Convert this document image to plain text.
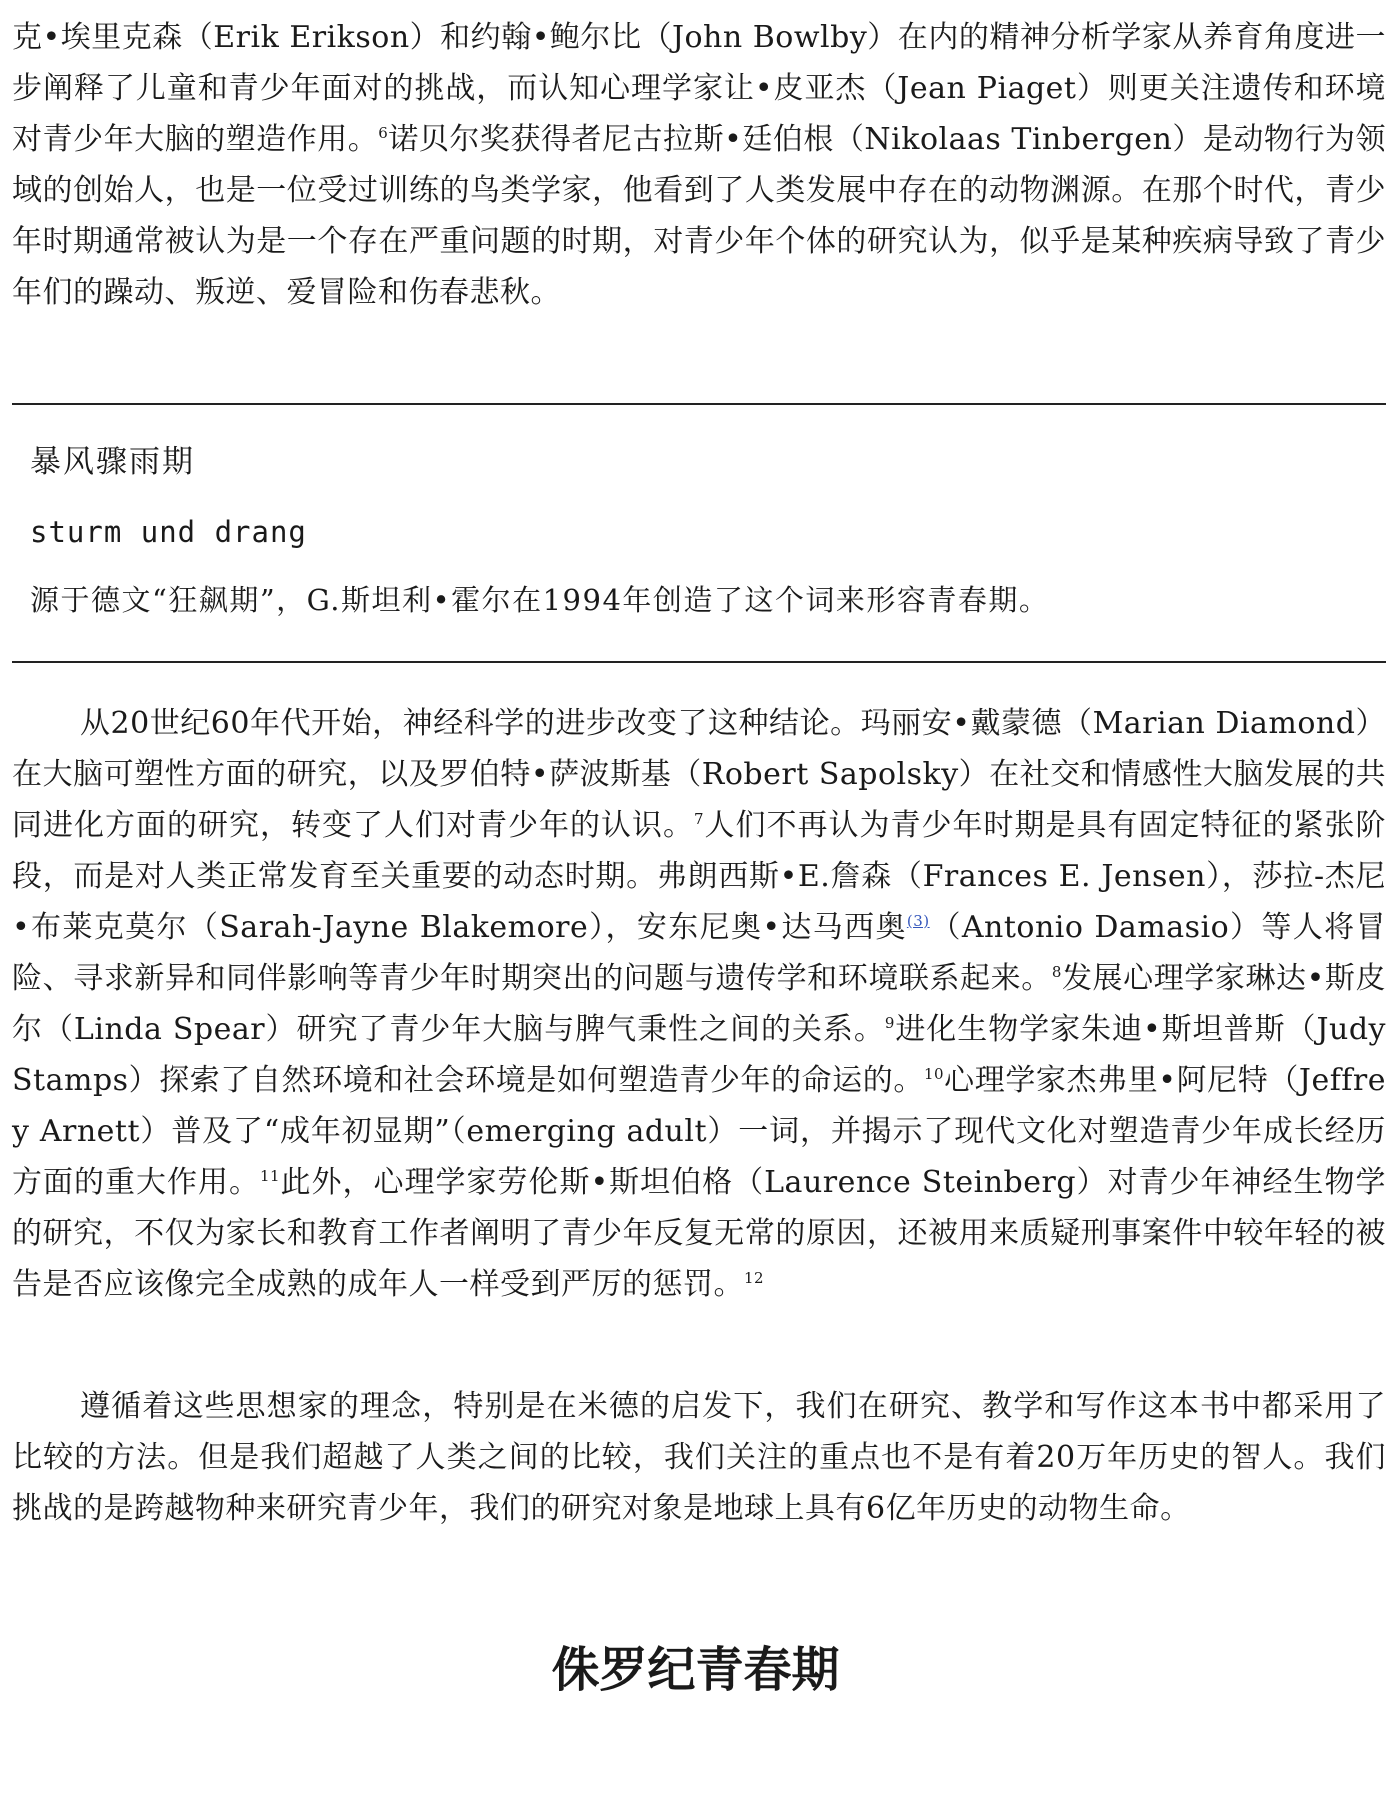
克•埃里克森（Erik Erikson）和约翰•鲍尔比（John Bowlby）在内的精神分析学家从养育角度进一步阐释了儿童和青少年面对的挑战，而认知心理学家让•皮亚杰（Jean Piaget）则更关注遗传和环境对青少年大脑的塑造作用。$^6$诺贝尔奖获得者尼古拉斯•廷伯根（Nikolaas Tinbergen）是动物行为领域的创始人，也是一位受过训练的鸟类学家，他看到了人类发展中存在的动物渊源。在那个时代，青少年时期通常被认为是一个存在严重问题的时期，对青少年个体的研究认为，似乎是某种疾病导致了青少年们的躁动、叛逆、爱冒险和伤春悲秋。

暴风骤雨期

sturm und drang

源于德文“狂飙期”，G.斯坦利•霍尔在1994年创造了这个词来形容青春期。

从20世纪60年代开始，神经科学的进步改变了这种结论。玛丽安•戴蒙德（Marian Diamond）在大脑可塑性方面的研究，以及罗伯特•萨波斯基（Robert Sapolsky）在社交和情感性大脑发展的共同进化方面的研究，转变了人们对青少年的认识。$^7$人们不再认为青少年时期是具有固定特征的紧张阶段，而是对人类正常发育至关重要的动态时期。弗朗西斯•E.詹森（Frances E. Jensen），莎拉-杰尼•布莱克莫尔（Sarah-Jayne Blakemore），安东尼奥•达马西奥$^{(3)}$（Antonio Damasio）等人将冒险、寻求新异和同伴影响等青少年时期突出的问题与遗传学和环境联系起来。$^8$发展心理学家琳达•斯皮尔（Linda Spear）研究了青少年大脑与脾气秉性之间的关系。$^9$进化生物学家朱迪•斯坦普斯（Judy Stamps）探索了自然环境和社会环境是如何塑造青少年的命运的。$^{10}$心理学家杰弗里•阿尼特（Jeffrey Arnett）普及了“成年初显期”（emerging adult）一词，并揭示了现代文化对塑造青少年成长经历方面的重大作用。$^{11}$此外，心理学家劳伦斯•斯坦伯格（Laurence Steinberg）对青少年神经生物学的研究，不仅为家长和教育工作者阐明了青少年反复无常的原因，还被用来质疑刑事案件中较年轻的被告是否应该像完全成熟的成年人一样受到严厉的惩罚。$^{12}$

遵循着这些思想家的理念，特别是在米德的启发下，我们在研究、教学和写作这本书中都采用了比较的方法。但是我们超越了人类之间的比较，我们关注的重点也不是有着20万年历史的智人。我们挑战的是跨越物种来研究青少年，我们的研究对象是地球上具有6亿年历史的动物生命。

侏罗纪青春期
